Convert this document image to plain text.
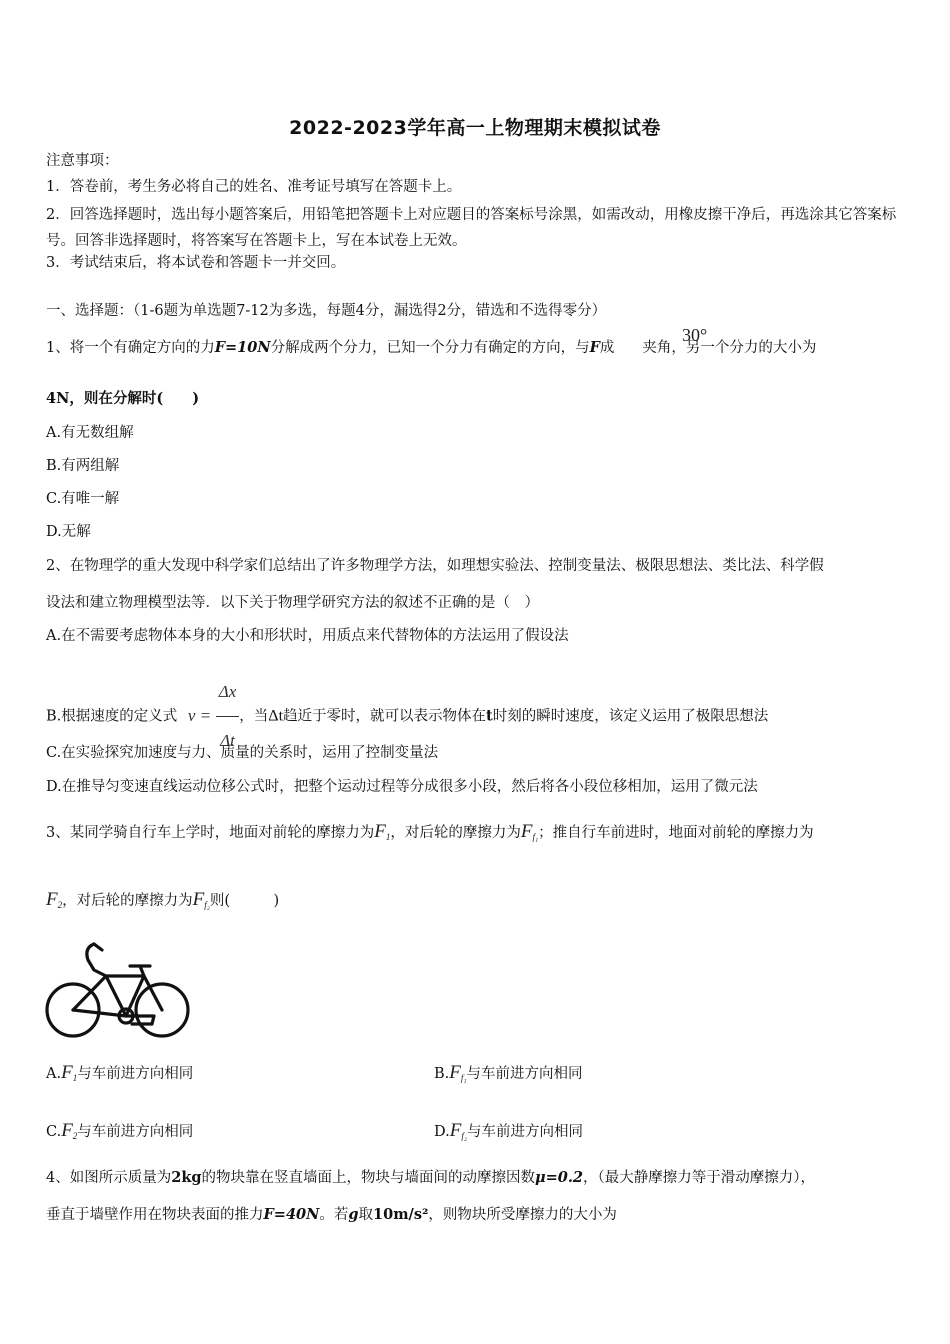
2022-2023学年高一上物理期末模拟试卷
注意事项：
1．答卷前，考生务必将自己的姓名、准考证号填写在答题卡上。
2．回答选择题时，选出每小题答案后，用铅笔把答题卡上对应题目的答案标号涂黑，如需改动，用橡皮擦干净后，再选涂其它答案标号。回答非选择题时，将答案写在答题卡上，写在本试卷上无效。
3．考试结束后，将本试卷和答题卡一并交回。
一、选择题：（1-6题为单选题7-12为多选，每题4分，漏选得2分，错选和不选得零分）
1、将一个有确定方向的力F=10N分解成两个分力，已知一个分力有确定的方向，与F成 夹角，另一个分力的大小为
30°
4N，则在分解时(　　)
A.有无数组解
B.有两组解
C.有唯一解
D.无解
2、在物理学的重大发现中科学家们总结出了许多物理学方法，如理想实验法、控制变量法、极限思想法、类比法、科学假
设法和建立物理模型法等．以下关于物理学研究方法的叙述不正确的是（　）
A.在不需要考虑物体本身的大小和形状时，用质点来代替物体的方法运用了假设法
B.根据速度的定义式 $v = \frac{\Delta x}{\Delta t}$ ，当Δt趋近于零时，就可以表示物体在t时刻的瞬时速度，该定义运用了极限思想法
C.在实验探究加速度与力、质量的关系时，运用了控制变量法
D.在推导匀变速直线运动位移公式时，把整个运动过程等分成很多小段，然后将各小段位移相加，运用了微元法
3、某同学骑自行车上学时，地面对前轮的摩擦力为$F_1$，对后轮的摩擦力为$F_{f_1}$；推自行车前进时，地面对前轮的摩擦力为
$F_2$，对后轮的摩擦力为$F_{f_2}$则(　　　)
$A.F_1$与车前进方向相同	$B.F_{f_1}$与车前进方向相同
$C.F_2$与车前进方向相同	$D.F_{f_2}$与车前进方向相同
4、如图所示质量为2kg的物块靠在竖直墙面上，物块与墙面间的动摩擦因数μ=0.2，（最大静摩擦力等于滑动摩擦力），
垂直于墙壁作用在物块表面的推力F=40N。若g取10m/s²，则物块所受摩擦力的大小为
